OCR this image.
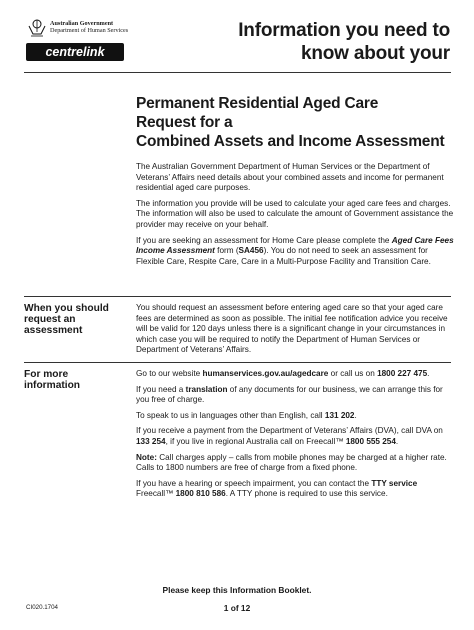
Australian Government
Department of Human Services
centrelink
Information you need to
know about your
Permanent Residential Aged Care
Request for a
Combined Assets and Income Assessment

The Australian Government Department of Human Services or the Department of Veterans’ Affairs need details about your combined assets and income for permanent residential aged care purposes.

The information you provide will be used to calculate your aged care fees and charges. The information will also be used to calculate the amount of Government assistance the provider may receive on your behalf.

If you are seeking an assessment for Home Care please complete the Aged Care Fees Income Assessment form (SA456). You do not need to seek an assessment for Flexible Care, Respite Care, Care in a Multi-Purpose Facility and Transition Care.

When you should
request an
assessment

You should request an assessment before entering aged care so that your aged care fees are determined as soon as possible. The initial fee notification advice you receive will be valid for 120 days unless there is a significant change in your circumstances in which case you will be required to notify the Department of Human Services or Department of Veterans’ Affairs.

For more information

Go to our website humanservices.gov.au/agedcare or call us on 1800 227 475.

If you need a translation of any documents for our business, we can arrange this for you free of charge.

To speak to us in languages other than English, call 131 202.

If you receive a payment from the Department of Veterans’ Affairs (DVA), call DVA on 133 254, if you live in regional Australia call on Freecall™ 1800 555 254.

Note: Call charges apply – calls from mobile phones may be charged at a higher rate. Calls to 1800 numbers are free of charge from a fixed phone.

If you have a hearing or speech impairment, you can contact the TTY service Freecall™ 1800 810 586. A TTY phone is required to use this service.

Please keep this Information Booklet.
CI020.1704	1 of 12
